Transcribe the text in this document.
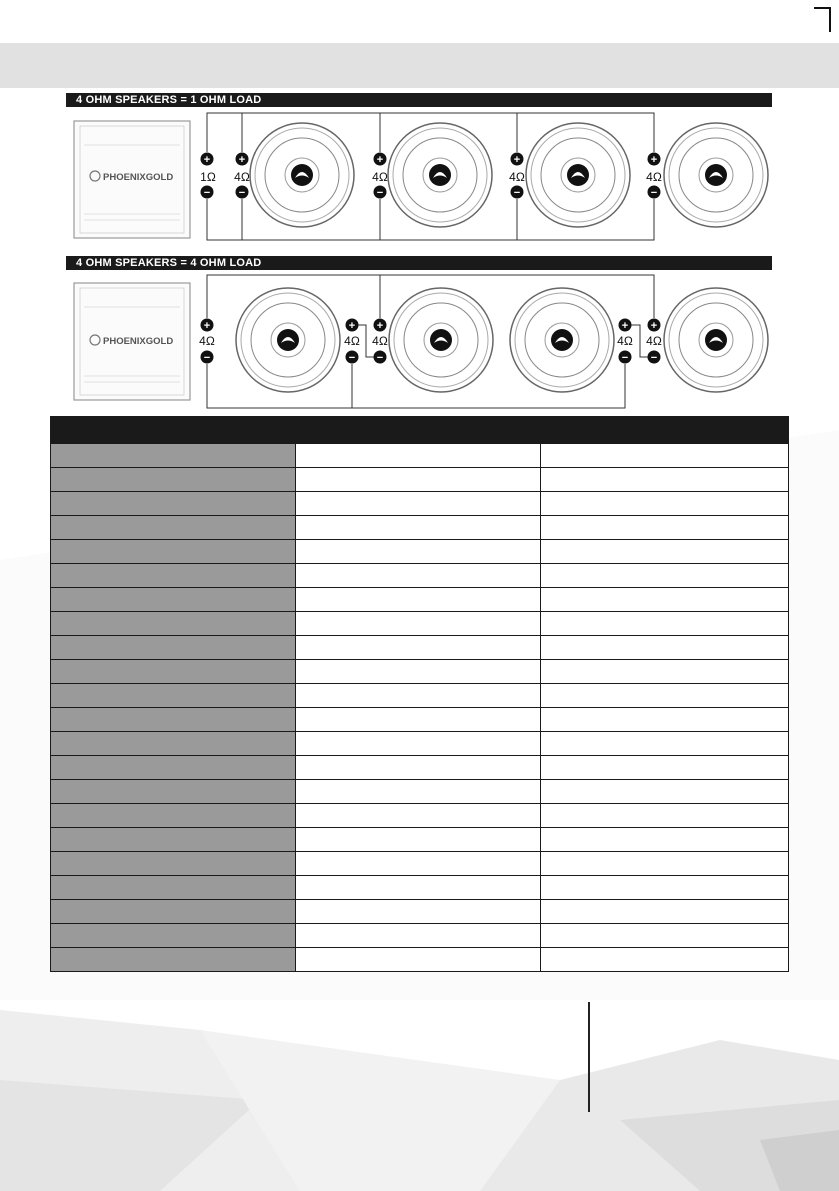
4 OHM SPEAKERS = 1 OHM LOAD
PHOENIXGOLD
+
1Ω
−
+
−
4Ω
+
−
4Ω
+
−
4Ω
+
−
4Ω
4 OHM SPEAKERS = 4 OHM LOAD
PHOENIXGOLD
+
4Ω
−
+
−
4Ω
+
−
4Ω
+
−
4Ω
+
−
4Ω
